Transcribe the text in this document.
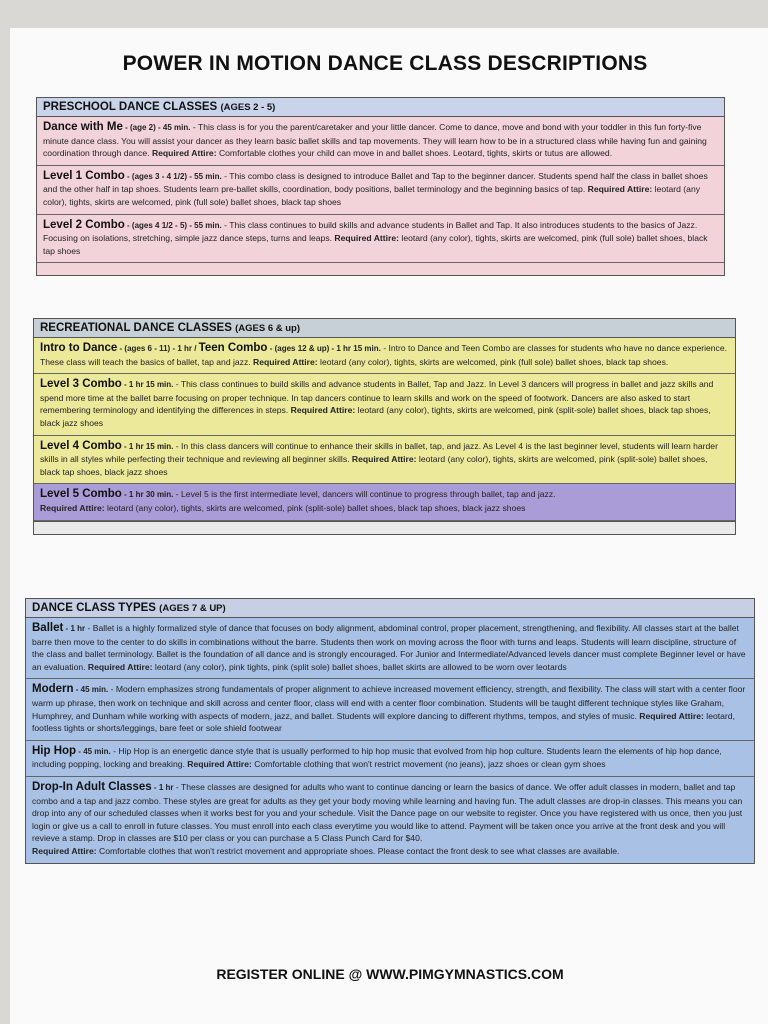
POWER IN MOTION DANCE CLASS DESCRIPTIONS
PRESCHOOL DANCE CLASSES (AGES 2 - 5)
Dance with Me - (age 2) - 45 min. - This class is for you the parent/caretaker and your little dancer. Come to dance, move and bond with your toddler in this fun forty-five minute dance class. You will assist your dancer as they learn basic ballet skills and tap movements. They will learn how to be in a structured class while having fun and gaining coordination through dance. Required Attire: Comfortable clothes your child can move in and ballet shoes. Leotard, tights, skirts or tutus are allowed.
Level 1 Combo - (ages 3 - 4 1/2) - 55 min. - This combo class is designed to introduce Ballet and Tap to the beginner dancer. Students spend half the class in ballet shoes and the other half in tap shoes. Students learn pre-ballet skills, coordination, body positions, ballet terminology and the beginning basics of tap. Required Attire: leotard (any color), tights, skirts are welcomed, pink (full sole) ballet shoes, black tap shoes
Level 2 Combo - (ages 4 1/2 - 5) - 55 min. - This class continues to build skills and advance students in Ballet and Tap. It also introduces students to the basics of Jazz. Focusing on isolations, stretching, simple jazz dance steps, turns and leaps. Required Attire: leotard (any color), tights, skirts are welcomed, pink (full sole) ballet shoes, black tap shoes
RECREATIONAL DANCE CLASSES (AGES 6 & up)
Intro to Dance - (ages 6 - 11) - 1 hr / Teen Combo - (ages 12 & up) - 1 hr 15 min. - Intro to Dance and Teen Combo are classes for students who have no dance experience. These class will teach the basics of ballet, tap and jazz. Required Attire: leotard (any color), tights, skirts are welcomed, pink (full sole) ballet shoes, black tap shoes.
Level 3 Combo - 1 hr 15 min. - This class continues to build skills and advance students in Ballet, Tap and Jazz. In Level 3 dancers will progress in ballet and jazz skills and spend more time at the ballet barre focusing on proper technique. In tap dancers continue to learn skills and work on the speed of footwork. Dancers are also asked to start remembering terminology and identifying the differences in steps. Required Attire: leotard (any color), tights, skirts are welcomed, pink (split-sole) ballet shoes, black tap shoes, black jazz shoes
Level 4 Combo - 1 hr 15 min. - In this class dancers will continue to enhance their skills in ballet, tap, and jazz. As Level 4 is the last beginner level, students will learn harder skills in all styles while perfecting their technique and reviewing all beginner skills. Required Attire: leotard (any color), tights, skirts are welcomed, pink (split-sole) ballet shoes, black tap shoes, black jazz shoes
Level 5 Combo - 1 hr 30 min. - Level 5 is the first intermediate level, dancers will continue to progress through ballet, tap and jazz.
Required Attire: leotard (any color), tights, skirts are welcomed, pink (split-sole) ballet shoes, black tap shoes, black jazz shoes
DANCE CLASS TYPES (AGES 7 & UP)
Ballet - 1 hr - Ballet is a highly formalized style of dance that focuses on body alignment, abdominal control, proper placement, strengthening, and flexibility. All classes start at the ballet barre then move to the center to do skills in combinations without the barre. Students then work on moving across the floor with turns and leaps. Students will learn discipline, structure of the class and ballet terminology. Ballet is the foundation of all dance and is strongly encouraged. For Junior and Intermediate/Advanced levels dancer must complete Beginner level or have an evaluation. Required Attire: leotard (any color), pink tights, pink (split sole) ballet shoes, ballet skirts are allowed to be worn over leotards
Modern - 45 min. - Modern emphasizes strong fundamentals of proper alignment to achieve increased movement efficiency, strength, and flexibility. The class will start with a center floor warm up phrase, then work on technique and skill across and center floor, class will end with a center floor combination. Students will be taught different technique styles like Graham, Humphrey, and Dunham while working with aspects of modern, jazz, and ballet. Students will explore dancing to different rhythms, tempos, and styles of music. Required Attire: leotard, footless tights or shorts/leggings, bare feet or sole shield footwear
Hip Hop - 45 min. - Hip Hop is an energetic dance style that is usually performed to hip hop music that evolved from hip hop culture. Students learn the elements of hip hop dance, including popping, locking and breaking. Required Attire: Comfortable clothing that won't restrict movement (no jeans), jazz shoes or clean gym shoes
Drop-In Adult Classes - 1 hr - These classes are designed for adults who want to continue dancing or learn the basics of dance. We offer adult classes in modern, ballet and tap combo and a tap and jazz combo. These styles are great for adults as they get your body moving while learning and having fun. The adult classes are drop-in classes. This means you can drop into any of our scheduled classes when it works best for you and your schedule. Visit the Dance page on our website to register. Once you have registered with us once, then you just login or give us a call to enroll in future classes. You must enroll into each class everytime you would like to attend. Payment will be taken once you arrive at the front desk and you will revieve a stamp. Drop in classes are $10 per class or you can purchase a 5 Class Punch Card for $40.
Required Attire: Comfortable clothes that won't restrict movement and appropriate shoes. Please contact the front desk to see what classes are available.
REGISTER ONLINE @ WWW.PIMGYMNASTICS.COM
